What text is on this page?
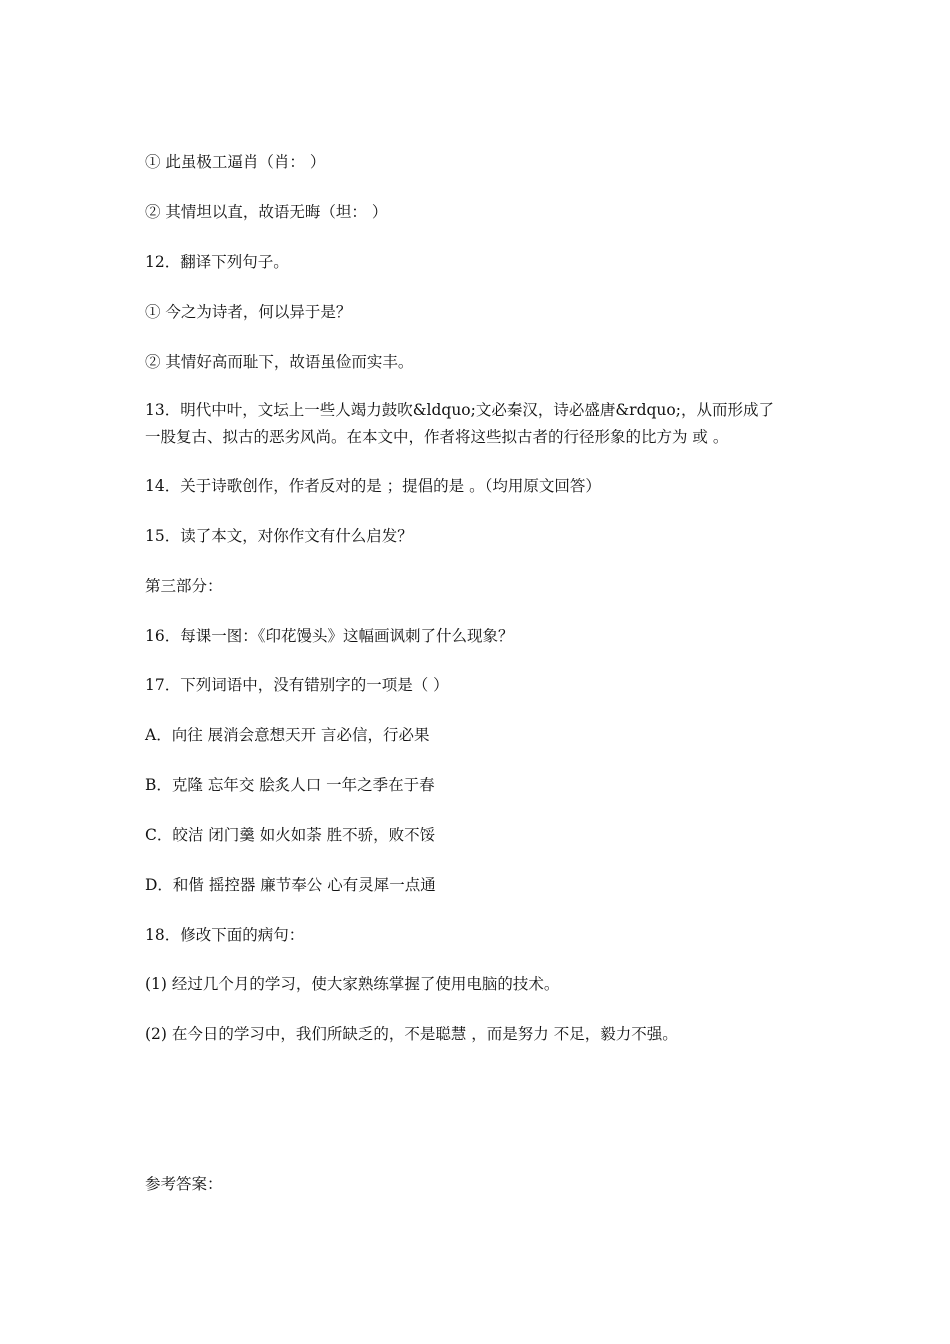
① 此虽极工逼肖（肖： ）
② 其情坦以直，故语无晦（坦： ）
12．翻译下列句子。
① 今之为诗者，何以异于是？
② 其情好高而耻下，故语虽俭而实丰。
13．明代中叶，文坛上一些人竭力鼓吹&ldquo;文必秦汉，诗必盛唐&rdquo;，从而形成了
一股复古、拟古的恶劣风尚。在本文中，作者将这些拟古者的行径形象的比方为 或 。
14．关于诗歌创作，作者反对的是 ；提倡的是 。（均用原文回答）
15．读了本文，对你作文有什么启发？
第三部分：
16．每课一图：《印花馒头》这幅画讽刺了什么现象？
17．下列词语中，没有错别字的一项是（ ）
A．向往 展消会意想天开 言必信，行必果
B．克隆 忘年交 脍炙人口 一年之季在于春
C．皎洁 闭门羹 如火如荼 胜不骄，败不馁
D．和偕 摇控器 廉节奉公 心有灵犀一点通
18．修改下面的病句：
(1) 经过几个月的学习，使大家熟练掌握了使用电脑的技术。
(2) 在今日的学习中，我们所缺乏的，不是聪慧 ，而是努力 不足，毅力不强。
参考答案：
